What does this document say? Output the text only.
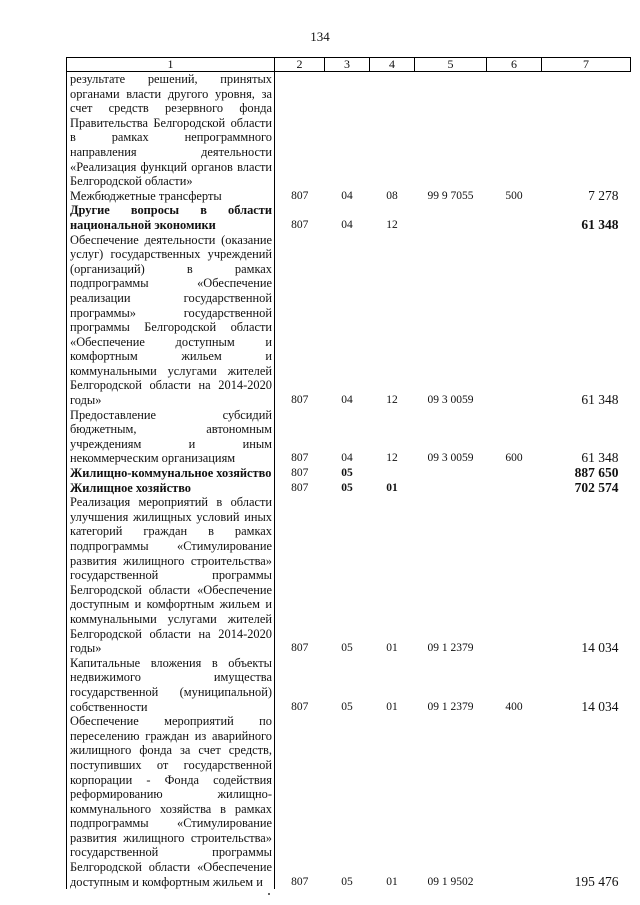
134
1	2	3	4	5	6	7
результате решений, принятых органами власти другого уровня, за счет средств резервного фонда Правительства Белгородской области в рамках непрограммного направления деятельности «Реализация функций органов власти Белгородской области»						
Межбюджетные трансферты	807	04	08	99 9 7055	500	7 278
Другие вопросы в области национальной экономики	807	04	12			61 348
Обеспечение деятельности (оказание услуг) государственных учреждений (организаций) в рамках подпрограммы «Обеспечение реализации государственной программы» государственной программы Белгородской области «Обеспечение доступным и комфортным жильем и коммунальными услугами жителей Белгородской области на 2014-2020 годы»	807	04	12	09 3 0059		61 348
Предоставление субсидий бюджетным, автономным учреждениям и иным некоммерческим организациям	807	04	12	09 3 0059	600	61 348
Жилищно-коммунальное хозяйство	807	05				887 650
Жилищное хозяйство	807	05	01			702 574
Реализация мероприятий в области улучшения жилищных условий иных категорий граждан в рамках подпрограммы «Стимулирование развития жилищного строительства» государственной программы Белгородской области «Обеспечение доступным и комфортным жильем и коммунальными услугами жителей Белгородской области на 2014-2020 годы»	807	05	01	09 1 2379		14 034
Капитальные вложения в объекты недвижимого имущества государственной (муниципальной) собственности	807	05	01	09 1 2379	400	14 034
Обеспечение мероприятий по переселению граждан из аварийного жилищного фонда за счет средств, поступивших от государственной корпорации - Фонда содействия реформированию жилищно-коммунального хозяйства в рамках подпрограммы «Стимулирование развития жилищного строительства» государственной программы Белгородской области «Обеспечение доступным и комфортным жильем и	807	05	01	09 1 9502		195 476
